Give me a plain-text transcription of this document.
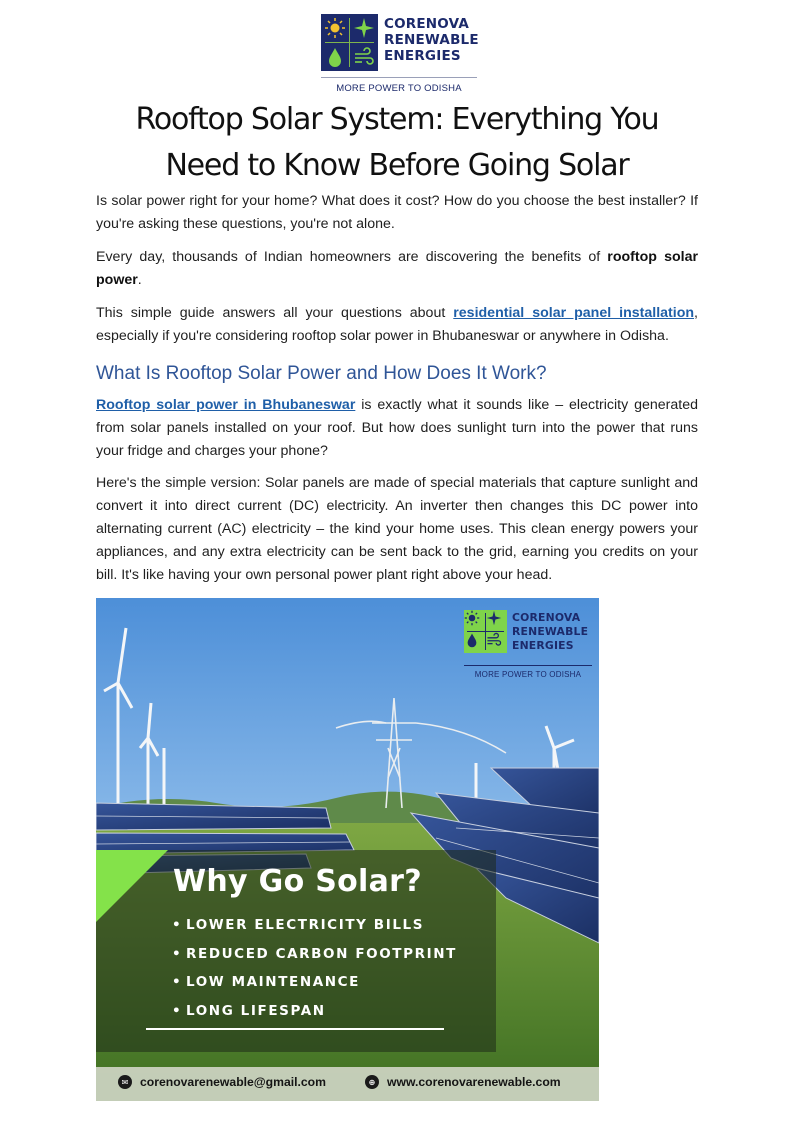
CORENOVA
RENEWABLE
ENERGIES
MORE POWER TO ODISHA
Rooftop Solar System: Everything You
Need to Know Before Going Solar

Is solar power right for your home? What does it cost? How do you choose the best installer? If you're asking these questions, you're not alone.

Every day, thousands of Indian homeowners are discovering the benefits of rooftop solar power.

This simple guide answers all your questions about residential solar panel installation, especially if you're considering rooftop solar power in Bhubaneswar or anywhere in Odisha.

What Is Rooftop Solar Power and How Does It Work?

Rooftop solar power in Bhubaneswar is exactly what it sounds like – electricity generated from solar panels installed on your roof. But how does sunlight turn into the power that runs your fridge and charges your phone?

Here's the simple version: Solar panels are made of special materials that capture sunlight and convert it into direct current (DC) electricity. An inverter then changes this DC power into alternating current (AC) electricity – the kind your home uses. This clean energy powers your appliances, and any extra electricity can be sent back to the grid, earning you credits on your bill. It's like having your own personal power plant right above your head.

CORENOVA
RENEWABLE
ENERGIES
MORE POWER TO ODISHA
Why Go Solar?
• LOWER ELECTRICITY BILLS
• REDUCED CARBON FOOTPRINT
• LOW MAINTENANCE
• LONG LIFESPAN
✉ corenovarenewable@gmail.com	⊕ www.corenovarenewable.com
